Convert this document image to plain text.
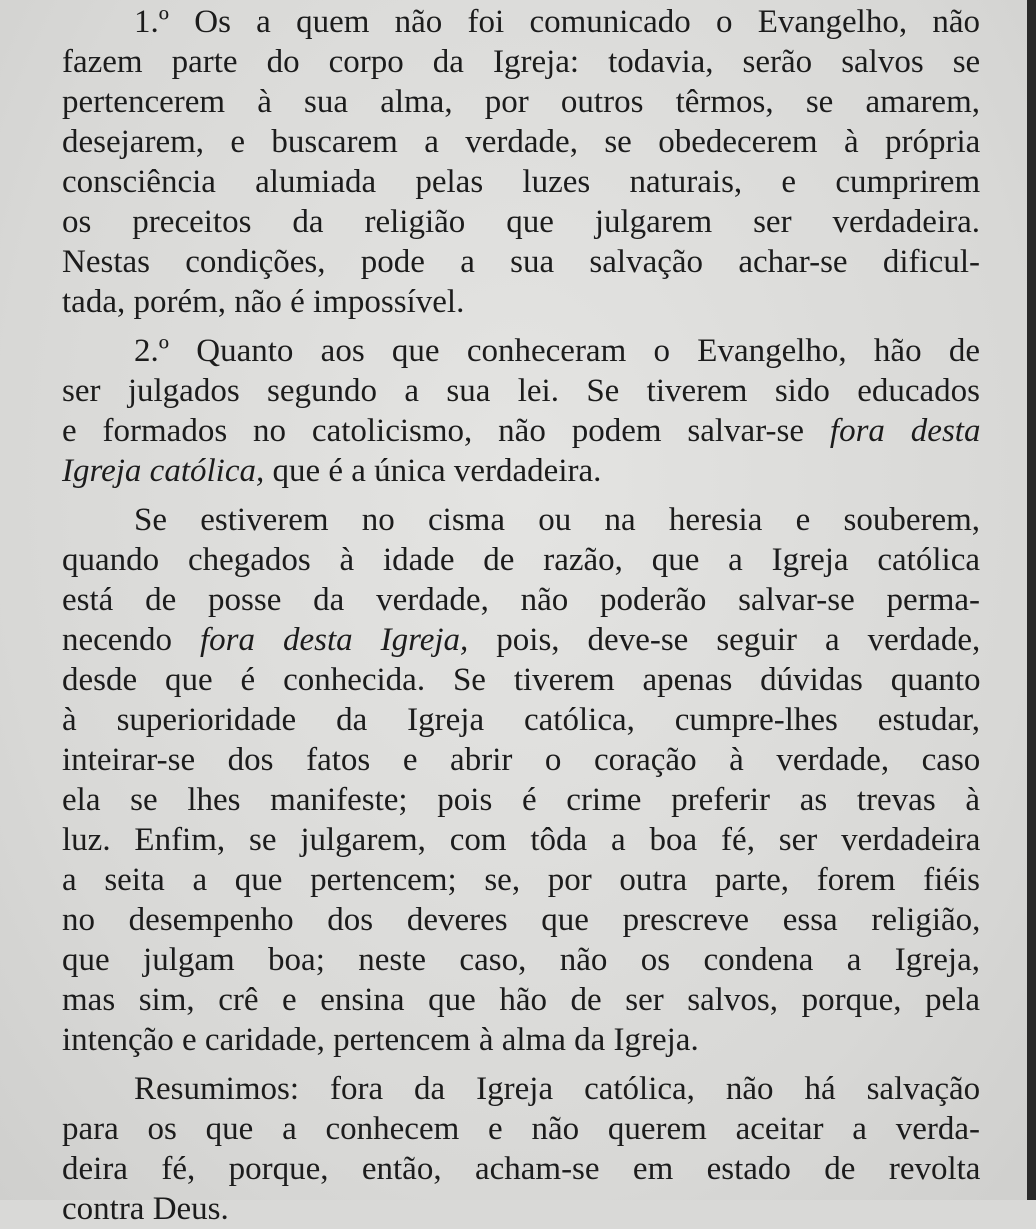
1.º Os a quem não foi comunicado o Evangelho, não
fazem parte do corpo da Igreja: todavia, serão salvos se
pertencerem à sua alma, por outros têrmos, se amarem,
desejarem, e buscarem a verdade, se obedecerem à própria
consciência alumiada pelas luzes naturais, e cumprirem
os preceitos da religião que julgarem ser verdadeira.
Nestas condições, pode a sua salvação achar-se dificul-
tada, porém, não é impossível.
2.º Quanto aos que conheceram o Evangelho, hão de
ser julgados segundo a sua lei. Se tiverem sido educados
e formados no catolicismo, não podem salvar-se fora desta
Igreja católica, que é a única verdadeira.
Se estiverem no cisma ou na heresia e souberem,
quando chegados à idade de razão, que a Igreja católica
está de posse da verdade, não poderão salvar-se perma-
necendo fora desta Igreja, pois, deve-se seguir a verdade,
desde que é conhecida. Se tiverem apenas dúvidas quanto
à superioridade da Igreja católica, cumpre-lhes estudar,
inteirar-se dos fatos e abrir o coração à verdade, caso
ela se lhes manifeste; pois é crime preferir as trevas à
luz. Enfim, se julgarem, com tôda a boa fé, ser verdadeira
a seita a que pertencem; se, por outra parte, forem fiéis
no desempenho dos deveres que prescreve essa religião,
que julgam boa; neste caso, não os condena a Igreja,
mas sim, crê e ensina que hão de ser salvos, porque, pela
intenção e caridade, pertencem à alma da Igreja.
Resumimos: fora da Igreja católica, não há salvação
para os que a conhecem e não querem aceitar a verda-
deira fé, porque, então, acham-se em estado de revolta
contra Deus.
